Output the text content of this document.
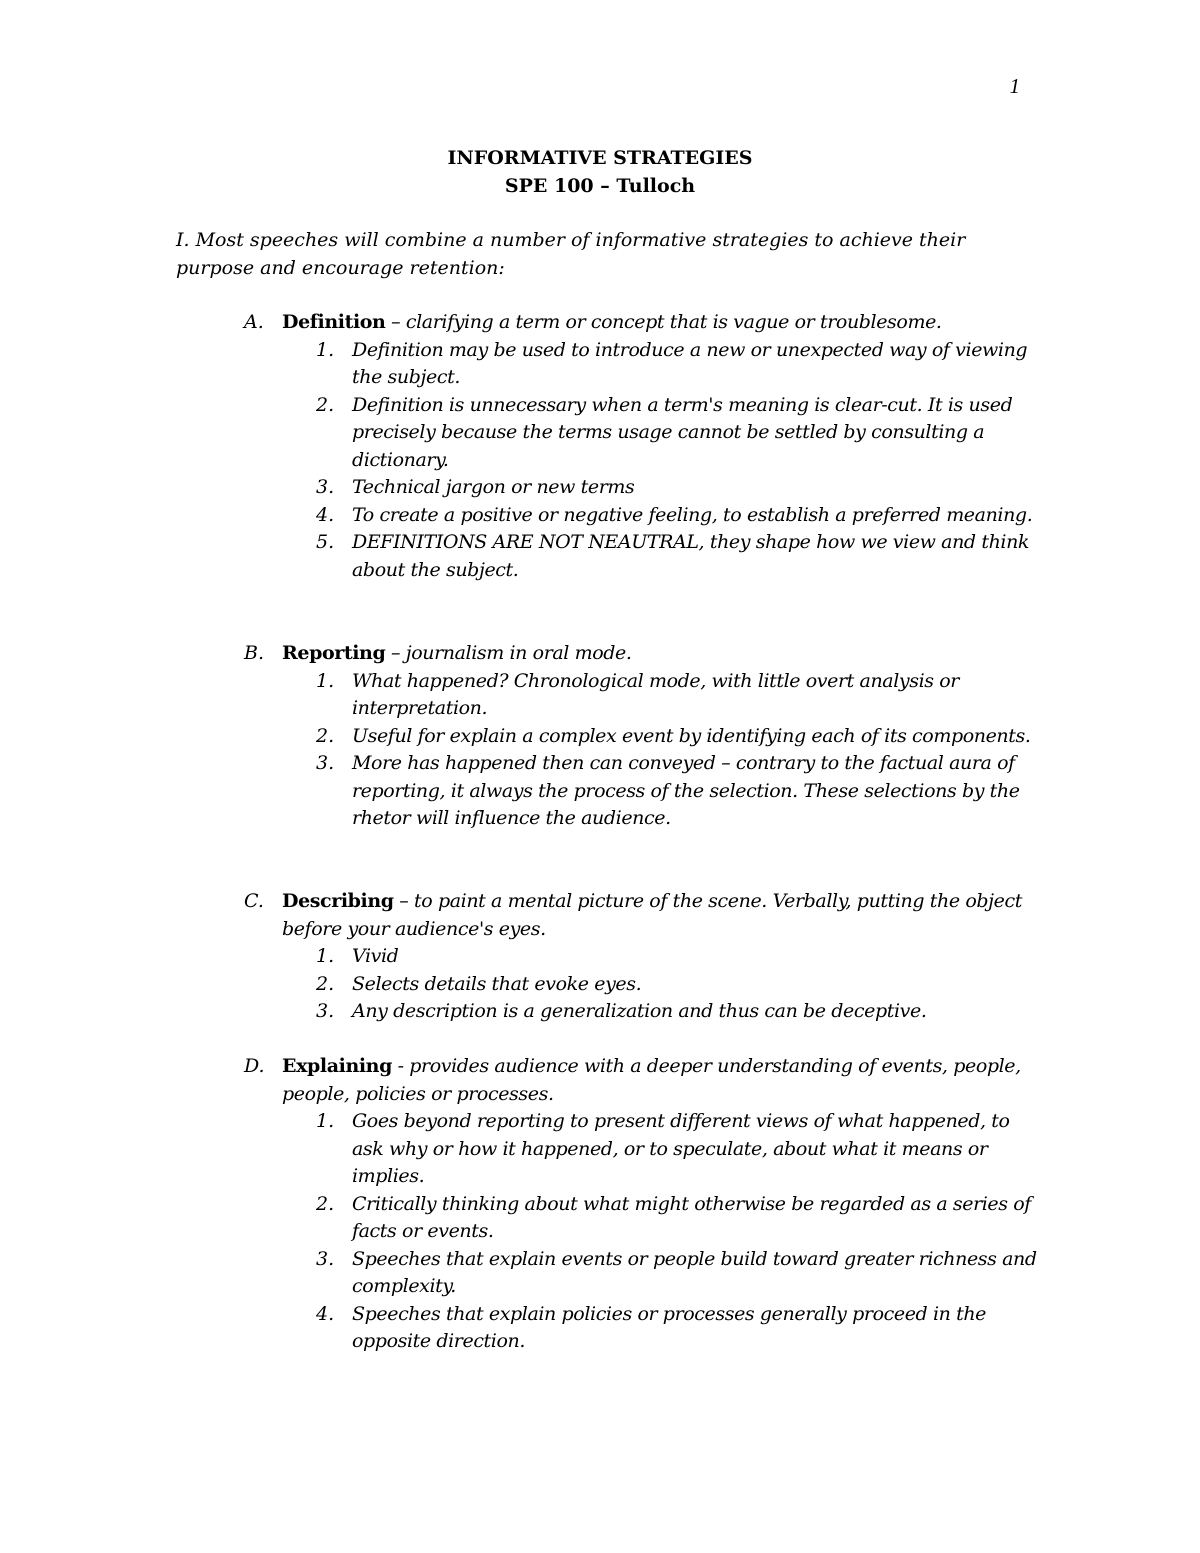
1
INFORMATIVE STRATEGIES
SPE 100 – Tulloch
I. Most speeches will combine a number of informative strategies to achieve their purpose and encourage retention:
A. Definition – clarifying a term or concept that is vague or troublesome.
1. Definition may be used to introduce a new or unexpected way of viewing the subject.
2. Definition is unnecessary when a term's meaning is clear-cut. It is used precisely because the terms usage cannot be settled by consulting a dictionary.
3. Technical jargon or new terms
4. To create a positive or negative feeling, to establish a preferred meaning.
5. DEFINITIONS ARE NOT NEAUTRAL, they shape how we view and think about the subject.
B. Reporting – journalism in oral mode.
1. What happened? Chronological mode, with little overt analysis or interpretation.
2. Useful for explain a complex event by identifying each of its components.
3. More has happened then can conveyed – contrary to the factual aura of reporting, it always the process of the selection. These selections by the rhetor will influence the audience.
C. Describing – to paint a mental picture of the scene. Verbally, putting the object before your audience's eyes.
1. Vivid
2. Selects details that evoke eyes.
3. Any description is a generalization and thus can be deceptive.
D. Explaining - provides audience with a deeper understanding of events, people, people, policies or processes.
1. Goes beyond reporting to present different views of what happened, to ask why or how it happened, or to speculate, about what it means or implies.
2. Critically thinking about what might otherwise be regarded as a series of facts or events.
3. Speeches that explain events or people build toward greater richness and complexity.
4. Speeches that explain policies or processes generally proceed in the opposite direction.
